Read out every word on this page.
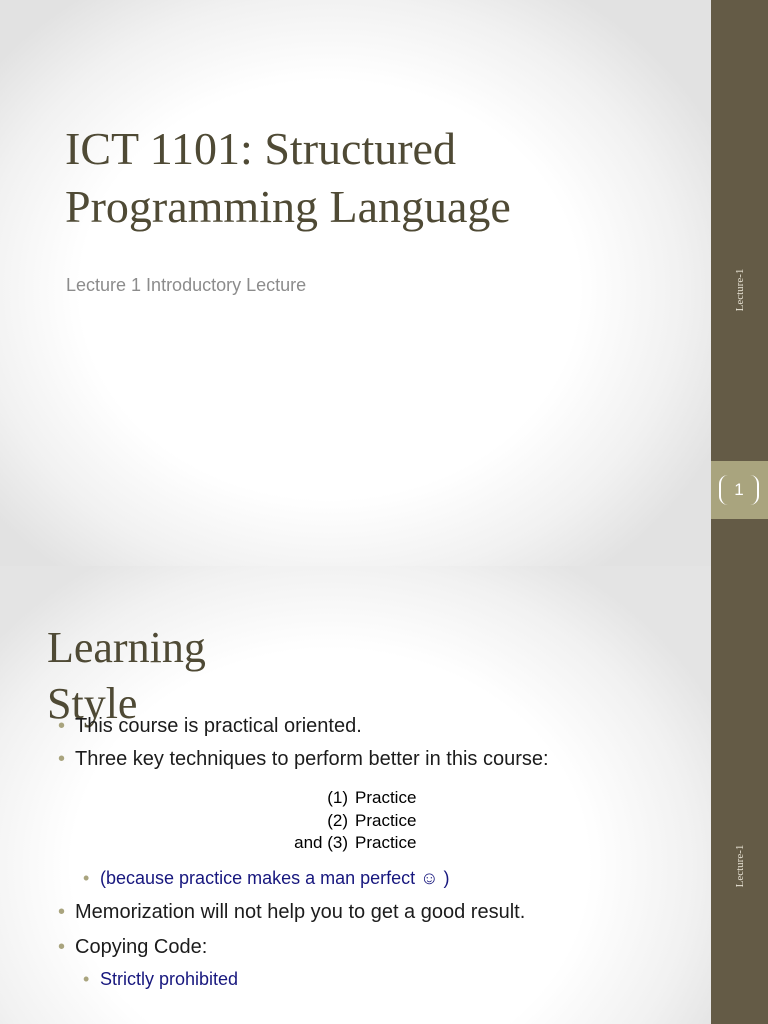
ICT 1101: Structured Programming Language

Lecture 1 Introductory Lecture	Lecture-1
1
Learning Style
Lecture-1
• This course is practical oriented.
• Three key techniques to perform better in this course:
(1) Practice
(2) Practice
and (3) Practice
• (because practice makes a man perfect ☺ )
• Memorization will not help you to get a good result.
• Copying Code:
• Strictly prohibited
